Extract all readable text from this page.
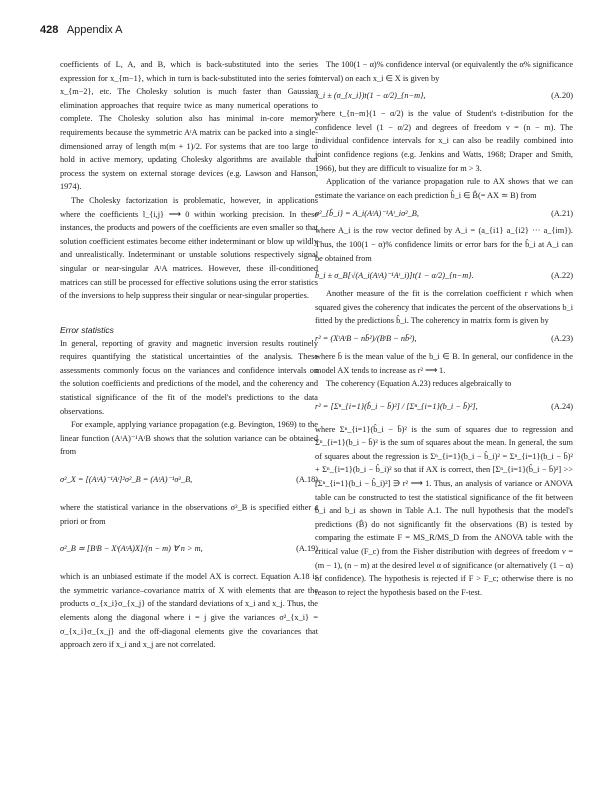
428 Appendix A

coefficients of L, A, and B, which is back-substituted into the series expression for x_{m−1}, which in turn is back-substituted into the series for x_{m−2}, etc. The Cholesky solution is much faster than Gaussian elimination approaches that require twice as many numerical operations to complete. The Cholesky solution also has minimal in-core memory requirements because the symmetric AᵗA matrix can be packed into a single-dimensioned array of length m(m + 1)/2. For systems that are too large to hold in active memory, updating Cholesky algorithms are available that process the system on external storage devices (e.g. Lawson and Hanson, 1974).

The Cholesky factorization is problematic, however, in applications where the coefficients l_{i,j} ⟶ 0 within working precision. In these instances, the products and powers of the coefficients are even smaller so that solution coefficient estimates become either indeterminant or blow up wildly and unrealistically. Indeterminant or unstable solutions respectively signal singular or near-singular AᵗA matrices. However, these ill-conditioned matrices can still be processed for effective solutions using the error statistics of the inversions to help suppress their singular or near-singular properties.

Error statistics

In general, reporting of gravity and magnetic inversion results routinely requires quantifying the statistical uncertainties of the analysis. These assessments commonly focus on the variances and confidence intervals on the solution coefficients and predictions of the model, and the coherency and statistical significance of the fit of the model's predictions to the data observations.

For example, applying variance propagation (e.g. Bevington, 1969) to the linear function (AᵗA)⁻¹AᵗB shows that the solution variance can be obtained from

σ²_X = [(AᵗA)⁻¹Aᵗ]²σ²_B = (AᵗA)⁻¹σ²_B,	(A.18)

where the statistical variance in the observations σ²_B is specified either a priori or from

σ²_B ≃ [BᵗB − Xᵗ(AᵗA)X]/(n − m) ∀ n > m,	(A.19)

which is an unbiased estimate if the model AX is correct. Equation A.18 is the symmetric variance–covariance matrix of X with elements that are the products σ_{x_i}σ_{x_j} of the standard deviations of x_i and x_j. Thus, the elements along the diagonal where i = j give the variances σ²_{x_i} = σ_{x_i}σ_{x_j} and the off-diagonal elements give the covariances that approach zero if x_i and x_j are not correlated.

The 100(1 − α)% confidence interval (or equivalently the α% significance interval) on each x_i ∈ X is given by

x_i ± (σ_{x_i})t(1 − α/2)_{n−m},	(A.20)

where t_{n−m}(1 − α/2) is the value of Student's t-distribution for the confidence level (1 − α/2) and degrees of freedom ν = (n − m). The individual confidence intervals for x_i can also be readily combined into joint confidence regions (e.g. Jenkins and Watts, 1968; Draper and Smith, 1966), but they are difficult to visualize for m > 3.

Application of the variance propagation rule to AX shows that we can estimate the variance on each prediction b̂_i ∈ B̂(= AX ≃ B) from

σ²_{b̂_i} = A_i(AᵗA)⁻¹Aᵗ_iσ²_B,	(A.21)

where A_i is the row vector defined by A_i = (a_{i1} a_{i2} ··· a_{im}). Thus, the 100(1 − α)% confidence limits or error bars for the b̂_i at A_i can be obtained from

b̂_i ± σ_B[√(A_i(AᵗA)⁻¹Aᵗ_i)]t(1 − α/2)_{n−m}.	(A.22)

Another measure of the fit is the correlation coefficient r which when squared gives the coherency that indicates the percent of the observations b_i fitted by the predictions b̂_i. The coherency in matrix form is given by

r² = (XᵗAᵗB − nb̄²)/(BᵗB − nb̄²),	(A.23)

where b̄ is the mean value of the b_i ∈ B. In general, our confidence in the model AX tends to increase as r² ⟶ 1.

The coherency (Equation A.23) reduces algebraically to

r² = [Σⁿ_{i=1}(b̂_i − b̄)²] / [Σⁿ_{i=1}(b_i − b̄)²],	(A.24)

where Σⁿ_{i=1}(b̂_i − b̄)² is the sum of squares due to regression and Σⁿ_{i=1}(b_i − b̄)² is the sum of squares about the mean. In general, the sum of squares about the regression is Σⁿ_{i=1}(b_i − b̂_i)² = Σⁿ_{i=1}(b_i − b̄)² + Σⁿ_{i=1}(b_i − b̂_i)² so that if AX is correct, then [Σⁿ_{i=1}(b̂_i − b̄)²] >> [Σⁿ_{i=1}(b_i − b̂_i)²] ∋ r² ⟶ 1. Thus, an analysis of variance or ANOVA table can be constructed to test the statistical significance of the fit between b̂_i and b_i as shown in Table A.1. The null hypothesis that the model's predictions (B̂) do not significantly fit the observations (B) is tested by comparing the estimate F = MS_R/MS_D from the ANOVA table with the critical value (F_c) from the Fisher distribution with degrees of freedom ν = (m − 1), (n − m) at the desired level α of significance (or alternatively (1 − α) of confidence). The hypothesis is rejected if F > F_c; otherwise there is no reason to reject the hypothesis based on the F-test.
